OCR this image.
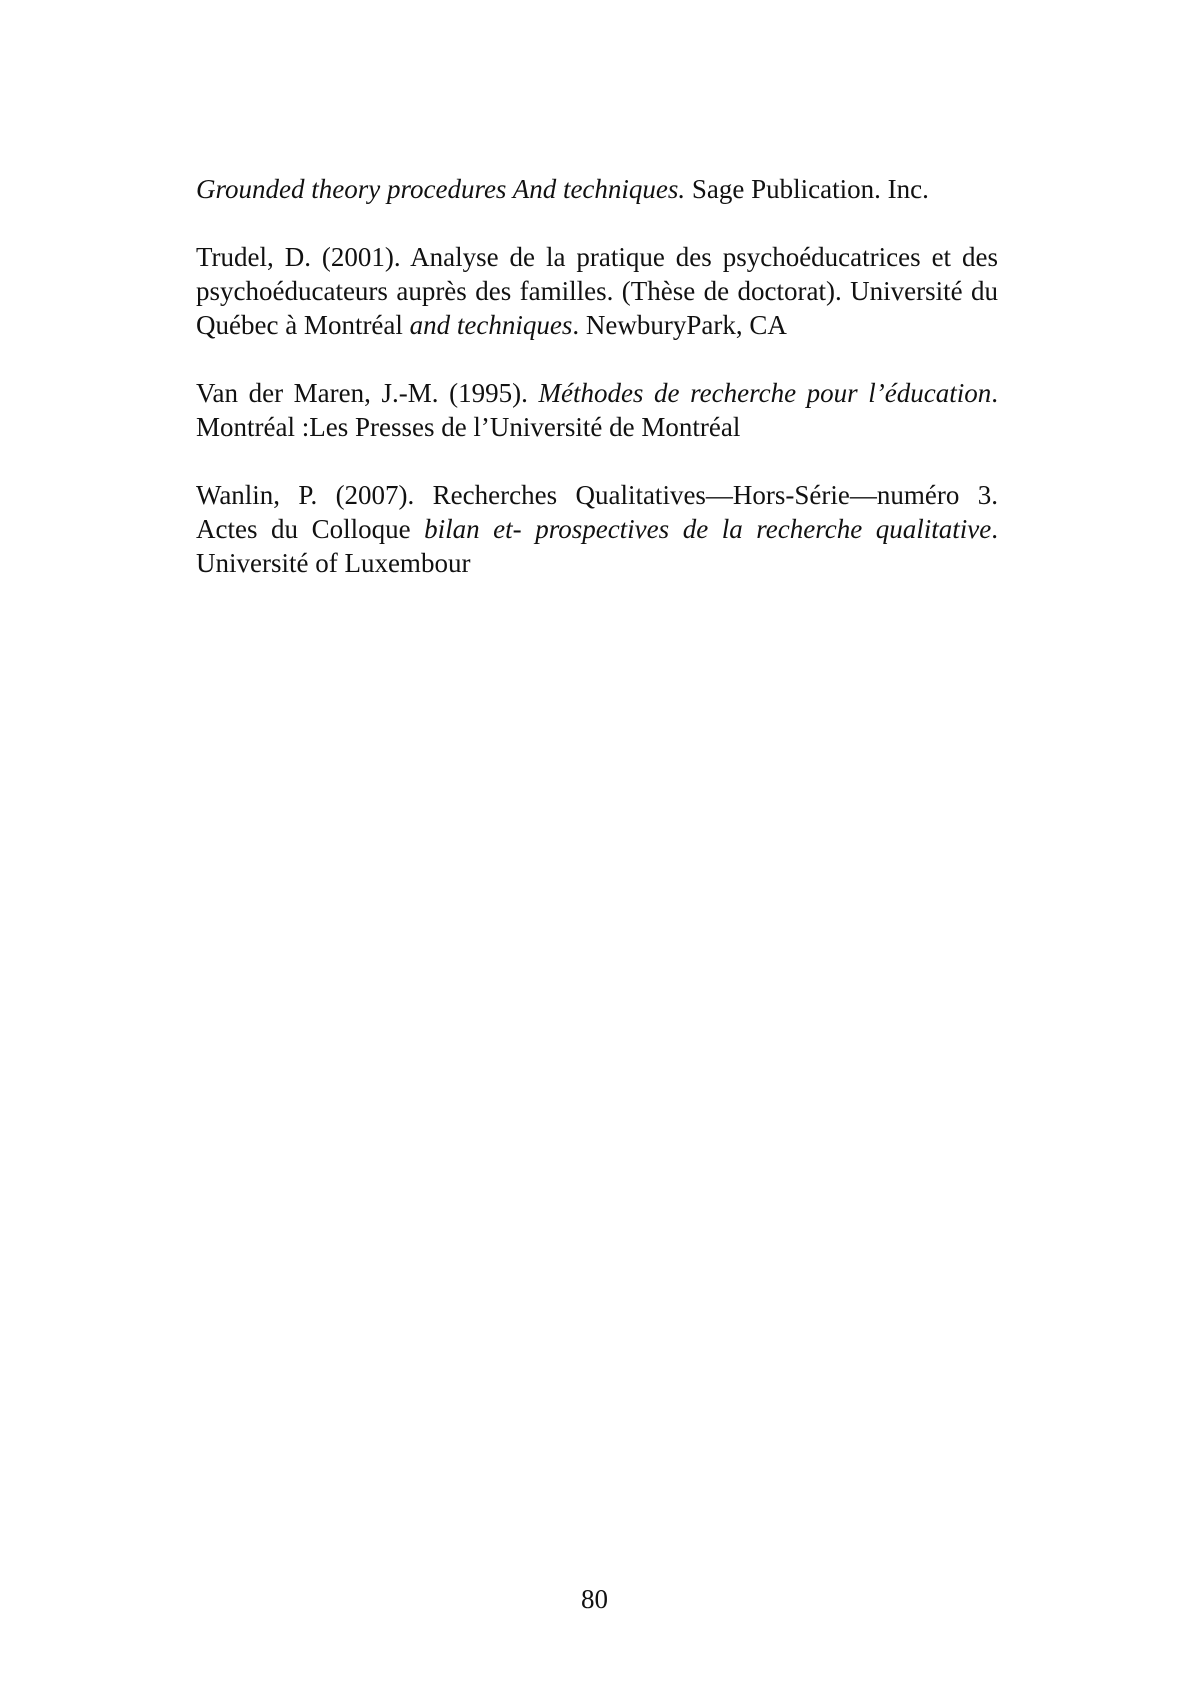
Grounded theory procedures And techniques. Sage Publication. Inc.

Trudel, D. (2001). Analyse de la pratique des psychoéducatrices et des psychoéducateurs auprès des familles. (Thèse de doctorat). Université du Québec à Montréal and techniques. NewburyPark, CA

Van der Maren, J.-M. (1995). Méthodes de recherche pour l’éducation. Montréal :Les Presses de l’Université de Montréal

Wanlin, P. (2007). Recherches Qualitatives—Hors-Série—numéro 3. Actes du Colloque bilan et- prospectives de la recherche qualitative. Université of Luxembour

80
